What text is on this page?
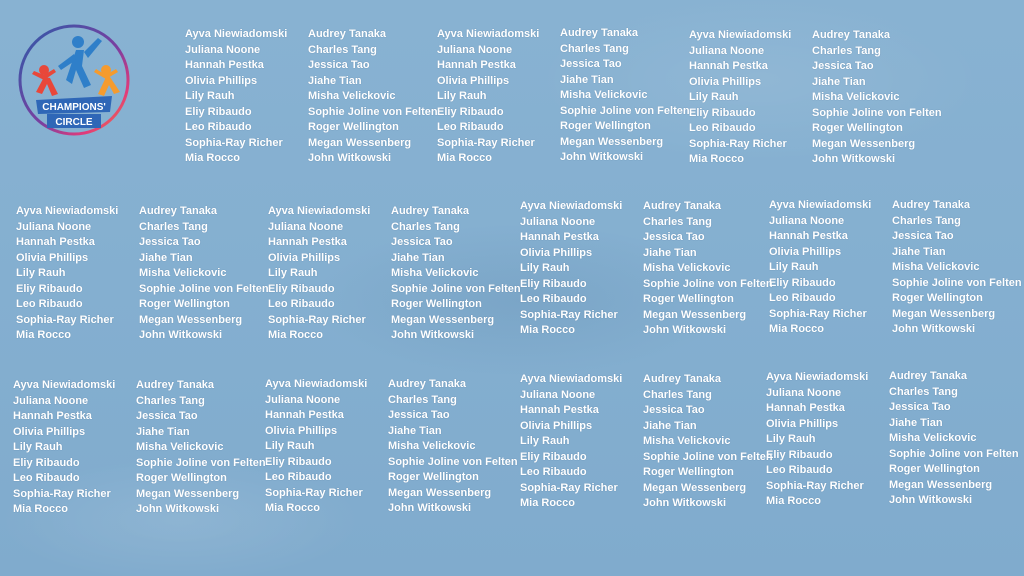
CHAMPIONS'
CIRCLE
Ayva Niewiadomski
Juliana Noone
Hannah Pestka
Olivia Phillips
Lily Rauh
Eliy Ribaudo
Leo Ribaudo
Sophia-Ray Richer
Mia Rocco
Audrey Tanaka
Charles Tang
Jessica Tao
Jiahe Tian
Misha Velickovic
Sophie Joline von Felten
Roger Wellington
Megan Wessenberg
John Witkowski
Ayva Niewiadomski
Juliana Noone
Hannah Pestka
Olivia Phillips
Lily Rauh
Eliy Ribaudo
Leo Ribaudo
Sophia-Ray Richer
Mia Rocco
Audrey Tanaka
Charles Tang
Jessica Tao
Jiahe Tian
Misha Velickovic
Sophie Joline von Felten
Roger Wellington
Megan Wessenberg
John Witkowski
Ayva Niewiadomski
Juliana Noone
Hannah Pestka
Olivia Phillips
Lily Rauh
Eliy Ribaudo
Leo Ribaudo
Sophia-Ray Richer
Mia Rocco
Audrey Tanaka
Charles Tang
Jessica Tao
Jiahe Tian
Misha Velickovic
Sophie Joline von Felten
Roger Wellington
Megan Wessenberg
John Witkowski
Ayva Niewiadomski
Juliana Noone
Hannah Pestka
Olivia Phillips
Lily Rauh
Eliy Ribaudo
Leo Ribaudo
Sophia-Ray Richer
Mia Rocco
Audrey Tanaka
Charles Tang
Jessica Tao
Jiahe Tian
Misha Velickovic
Sophie Joline von Felten
Roger Wellington
Megan Wessenberg
John Witkowski
Ayva Niewiadomski
Juliana Noone
Hannah Pestka
Olivia Phillips
Lily Rauh
Eliy Ribaudo
Leo Ribaudo
Sophia-Ray Richer
Mia Rocco
Audrey Tanaka
Charles Tang
Jessica Tao
Jiahe Tian
Misha Velickovic
Sophie Joline von Felten
Roger Wellington
Megan Wessenberg
John Witkowski
Ayva Niewiadomski
Juliana Noone
Hannah Pestka
Olivia Phillips
Lily Rauh
Eliy Ribaudo
Leo Ribaudo
Sophia-Ray Richer
Mia Rocco
Audrey Tanaka
Charles Tang
Jessica Tao
Jiahe Tian
Misha Velickovic
Sophie Joline von Felten
Roger Wellington
Megan Wessenberg
John Witkowski
Ayva Niewiadomski
Juliana Noone
Hannah Pestka
Olivia Phillips
Lily Rauh
Eliy Ribaudo
Leo Ribaudo
Sophia-Ray Richer
Mia Rocco
Audrey Tanaka
Charles Tang
Jessica Tao
Jiahe Tian
Misha Velickovic
Sophie Joline von Felten
Roger Wellington
Megan Wessenberg
John Witkowski
Ayva Niewiadomski
Juliana Noone
Hannah Pestka
Olivia Phillips
Lily Rauh
Eliy Ribaudo
Leo Ribaudo
Sophia-Ray Richer
Mia Rocco
Audrey Tanaka
Charles Tang
Jessica Tao
Jiahe Tian
Misha Velickovic
Sophie Joline von Felten
Roger Wellington
Megan Wessenberg
John Witkowski
Ayva Niewiadomski
Juliana Noone
Hannah Pestka
Olivia Phillips
Lily Rauh
Eliy Ribaudo
Leo Ribaudo
Sophia-Ray Richer
Mia Rocco
Audrey Tanaka
Charles Tang
Jessica Tao
Jiahe Tian
Misha Velickovic
Sophie Joline von Felten
Roger Wellington
Megan Wessenberg
John Witkowski
Ayva Niewiadomski
Juliana Noone
Hannah Pestka
Olivia Phillips
Lily Rauh
Eliy Ribaudo
Leo Ribaudo
Sophia-Ray Richer
Mia Rocco
Audrey Tanaka
Charles Tang
Jessica Tao
Jiahe Tian
Misha Velickovic
Sophie Joline von Felten
Roger Wellington
Megan Wessenberg
John Witkowski
Ayva Niewiadomski
Juliana Noone
Hannah Pestka
Olivia Phillips
Lily Rauh
Eliy Ribaudo
Leo Ribaudo
Sophia-Ray Richer
Mia Rocco
Audrey Tanaka
Charles Tang
Jessica Tao
Jiahe Tian
Misha Velickovic
Sophie Joline von Felten
Roger Wellington
Megan Wessenberg
John Witkowski
